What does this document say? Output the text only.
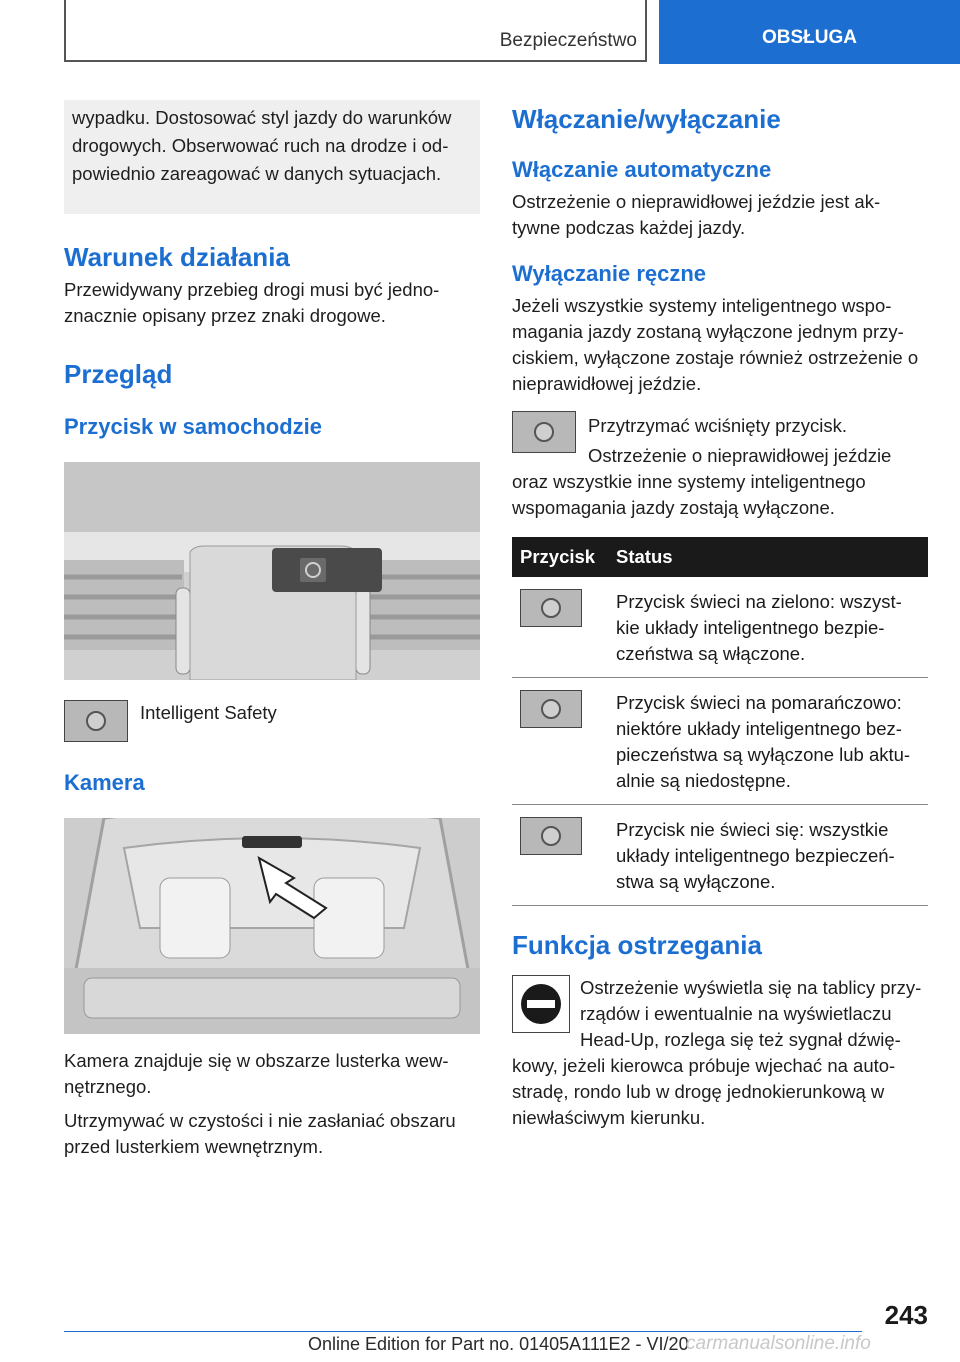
Bezpieczeństwo	OBSŁUGA

wypadku. Dostosować styl jazdy do warunków drogowych. Obserwować ruch na drodze i od‐ powiednio zareagować w danych sytuacjach.

Warunek działania

Przewidywany przebieg drogi musi być jedno‐ znacznie opisany przez znaki drogowe.

Przegląd
Przycisk w samochodzie

Intelligent Safety

Kamera

Kamera znajduje się w obszarze lusterka wew‐ nętrznego.

Utrzymywać w czystości i nie zasłaniać obszaru przed lusterkiem wewnętrznym.

Włączanie/wyłączanie
Włączanie automatyczne

Ostrzeżenie o nieprawidłowej jeździe jest ak‐ tywne podczas każdej jazdy.

Wyłączanie ręczne

Jeżeli wszystkie systemy inteligentnego wspo‐ magania jazdy zostaną wyłączone jednym przy‐ ciskiem, wyłączone zostaje również ostrzeżenie o nieprawidłowej jeździe.

Przytrzymać wciśnięty przycisk.

Ostrzeżenie o nieprawidłowej jeździe

oraz wszystkie inne systemy inteligentnego wspomagania jazdy zostają wyłączone.

Przycisk	Status

	Przycisk świeci na zielono: wszyst‐ kie układy inteligentnego bezpie‐ czeństwa są włączone.

	Przycisk świeci na pomarańczowo: niektóre układy inteligentnego bez‐ pieczeństwa są wyłączone lub aktu‐ alnie są niedostępne.

	Przycisk nie świeci się: wszystkie układy inteligentnego bezpieczeń‐ stwa są wyłączone.
Funkcja ostrzegania

Ostrzeżenie wyświetla się na tablicy przy‐ rządów i ewentualnie na wyświetlaczu Head-Up, rozlega się też sygnał dźwię‐

kowy, jeżeli kierowca próbuje wjechać na auto‐ stradę, rondo lub w drogę jednokierunkową w niewłaściwym kierunku.

243
Online Edition for Part no. 01405A111E2 - VI/20
carmanualsonline.info
